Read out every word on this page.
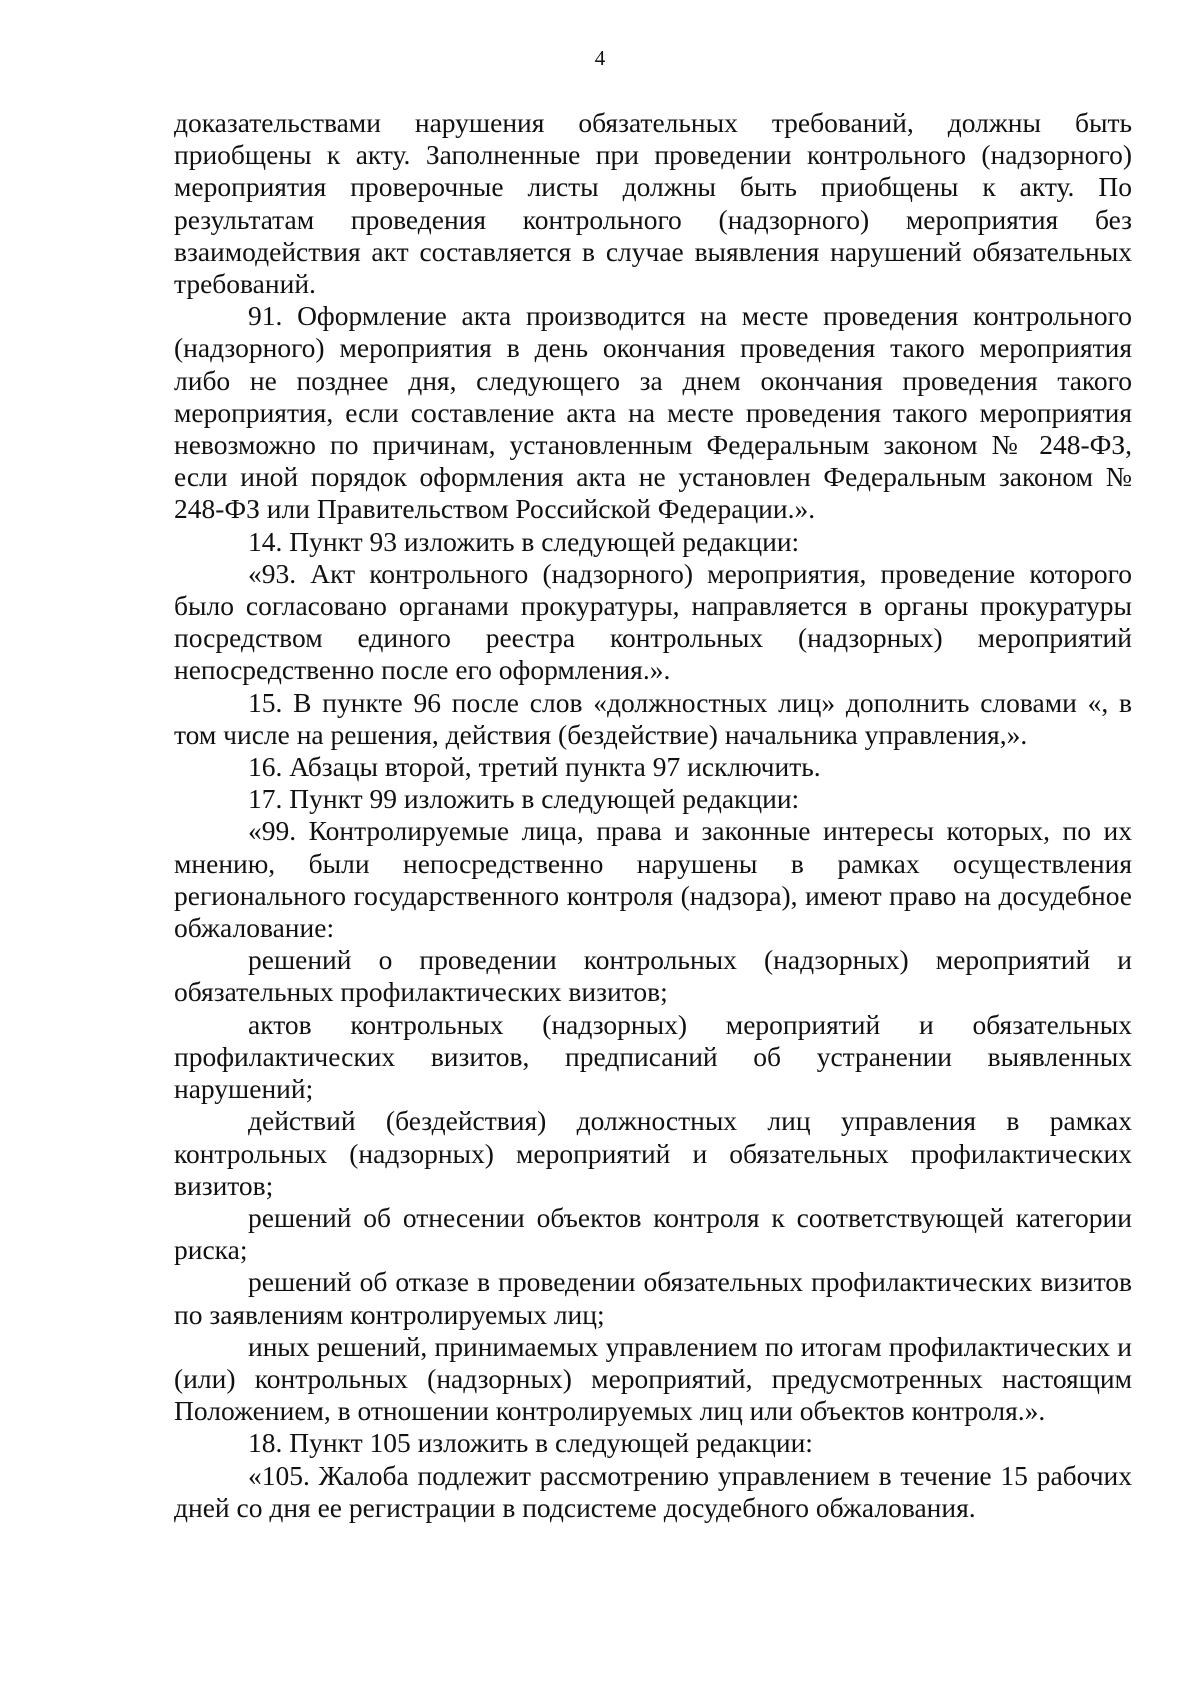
4

доказательствами нарушения обязательных требований, должны быть приобщены к акту. Заполненные при проведении контрольного (надзорного) мероприятия проверочные листы должны быть приобщены к акту. По результатам проведения контрольного (надзорного) мероприятия без взаимодействия акт составляется в случае выявления нарушений обязательных требований.

91. Оформление акта производится на месте проведения контрольного (надзорного) мероприятия в день окончания проведения такого мероприятия либо не позднее дня, следующего за днем окончания проведения такого мероприятия, если составление акта на месте проведения такого мероприятия невозможно по причинам, установленным Федеральным законом № 248-ФЗ, если иной порядок оформления акта не установлен Федеральным законом № 248-ФЗ или Правительством Российской Федерации.».

14. Пункт 93 изложить в следующей редакции:

«93. Акт контрольного (надзорного) мероприятия, проведение которого было согласовано органами прокуратуры, направляется в органы прокуратуры посредством единого реестра контрольных (надзорных) мероприятий непосредственно после его оформления.».

15. В пункте 96 после слов «должностных лиц» дополнить словами «, в том числе на решения, действия (бездействие) начальника управления,».

16. Абзацы второй, третий пункта 97 исключить.

17. Пункт 99 изложить в следующей редакции:

«99. Контролируемые лица, права и законные интересы которых, по их мнению, были непосредственно нарушены в рамках осуществления регионального государственного контроля (надзора), имеют право на досудебное обжалование:

решений о проведении контрольных (надзорных) мероприятий и обязательных профилактических визитов;

актов контрольных (надзорных) мероприятий и обязательных профилактических визитов, предписаний об устранении выявленных нарушений;

действий (бездействия) должностных лиц управления в рамках контрольных (надзорных) мероприятий и обязательных профилактических визитов;

решений об отнесении объектов контроля к соответствующей категории риска;

решений об отказе в проведении обязательных профилактических визитов по заявлениям контролируемых лиц;

иных решений, принимаемых управлением по итогам профилактических и (или) контрольных (надзорных) мероприятий, предусмотренных настоящим Положением, в отношении контролируемых лиц или объектов контроля.».

18. Пункт 105 изложить в следующей редакции:

«105. Жалоба подлежит рассмотрению управлением в течение 15 рабочих дней со дня ее регистрации в подсистеме досудебного обжалования.
